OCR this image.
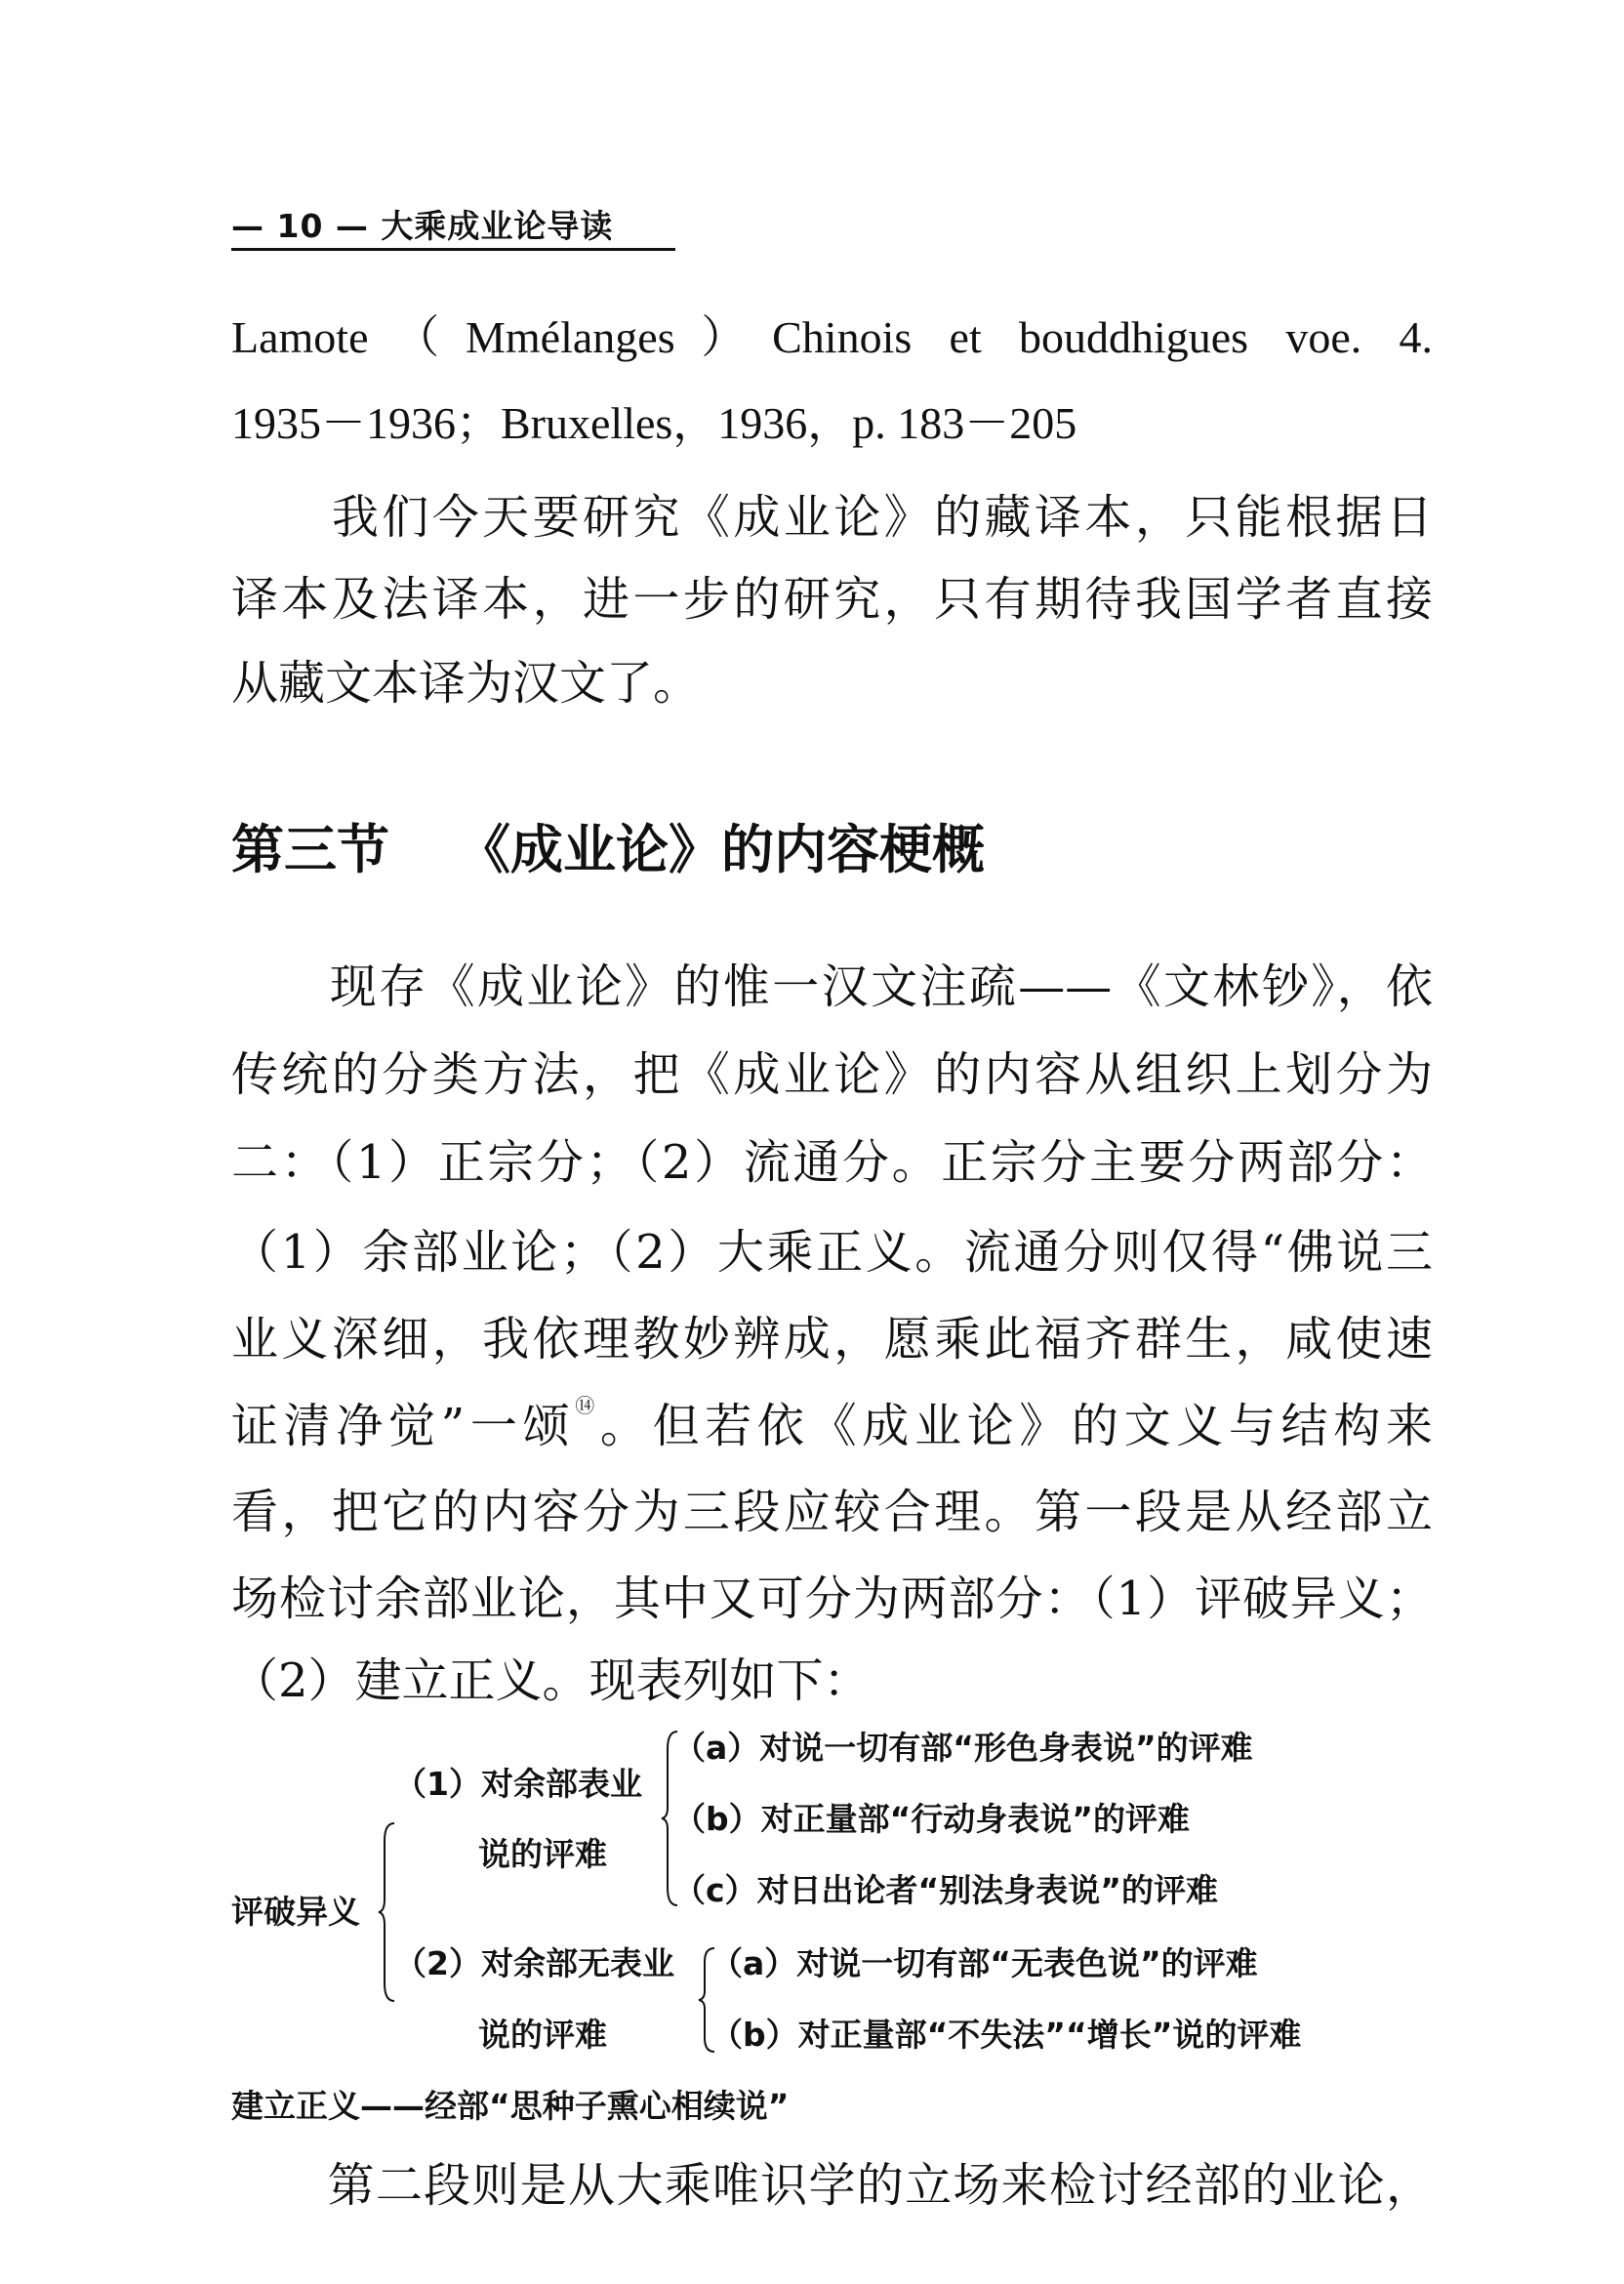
— 10 — 大乘成业论导读
Lamote（Mmélanges）Chinois et bouddhigues voe. 4.
1935－1936；Bruxelles，1936，p. 183－205
　　我们今天要研究《成业论》的藏译本，只能根据日
译本及法译本，进一步的研究，只有期待我国学者直接
从藏文本译为汉文了。
第三节 《成业论》的内容梗概
　　现存《成业论》的惟一汉文注疏——《文林钞》，依
传统的分类方法，把《成业论》的内容从组织上划分为
二：（1）正宗分；（2）流通分。正宗分主要分两部分：
（1）余部业论；（2）大乘正义。流通分则仅得“佛说三
业义深细，我依理教妙辨成，愿乘此福齐群生，咸使速
证清净觉”一颂⑭。但若依《成业论》的文义与结构来
看，把它的内容分为三段应较合理。第一段是从经部立
场检讨余部业论，其中又可分为两部分：（1）评破异义；
（2）建立正义。现表列如下：
评破异义
（1）对余部表业
说的评难
（a）对说一切有部“形色身表说”的评难
（b）对正量部“行动身表说”的评难
（c）对日出论者“别法身表说”的评难
（2）对余部无表业
说的评难
（a）对说一切有部“无表色说”的评难
（b）对正量部“不失法”“增长”说的评难
建立正义——经部“思种子熏心相续说”
　　第二段则是从大乘唯识学的立场来检讨经部的业论，
